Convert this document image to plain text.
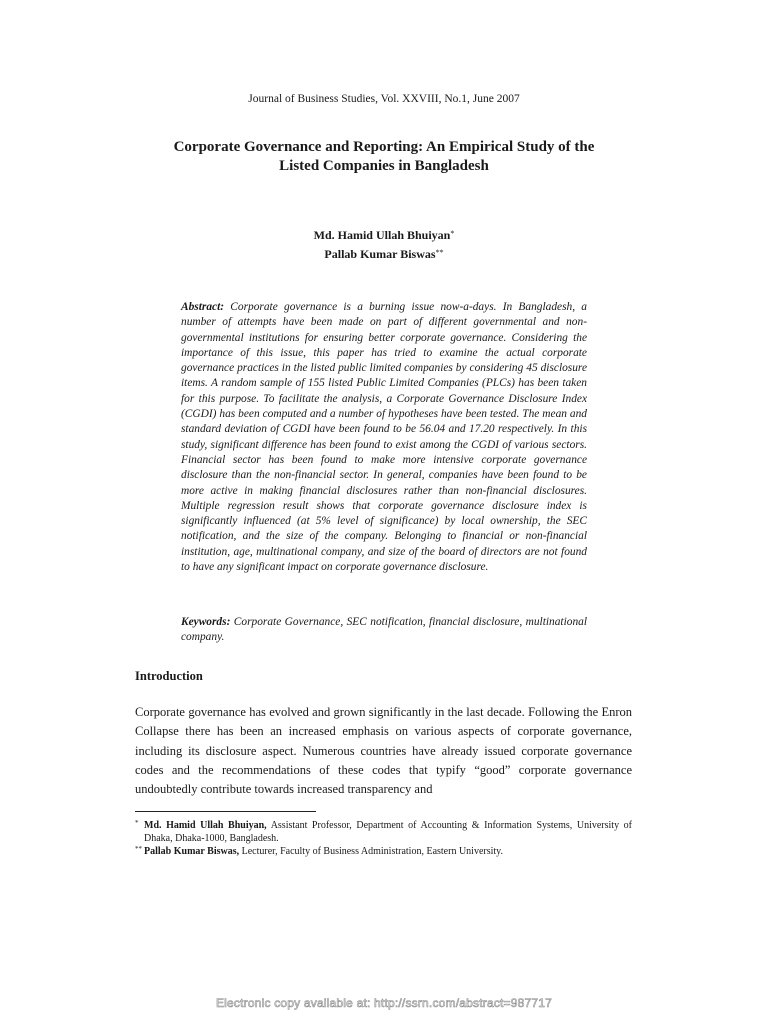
Journal of Business Studies, Vol. XXVIII, No.1, June 2007
Corporate Governance and Reporting: An Empirical Study of the
Listed Companies in Bangladesh
Md. Hamid Ullah Bhuiyan*
Pallab Kumar Biswas**

Abstract: Corporate governance is a burning issue now-a-days. In Bangladesh, a number of attempts have been made on part of different governmental and non-governmental institutions for ensuring better corporate governance. Considering the importance of this issue, this paper has tried to examine the actual corporate governance practices in the listed public limited companies by considering 45 disclosure items. A random sample of 155 listed Public Limited Companies (PLCs) has been taken for this purpose. To facilitate the analysis, a Corporate Governance Disclosure Index (CGDI) has been computed and a number of hypotheses have been tested. The mean and standard deviation of CGDI have been found to be 56.04 and 17.20 respectively. In this study, significant difference has been found to exist among the CGDI of various sectors. Financial sector has been found to make more intensive corporate governance disclosure than the non-financial sector. In general, companies have been found to be more active in making financial disclosures rather than non-financial disclosures. Multiple regression result shows that corporate governance disclosure index is significantly influenced (at 5% level of significance) by local ownership, the SEC notification, and the size of the company. Belonging to financial or non-financial institution, age, multinational company, and size of the board of directors are not found to have any significant impact on corporate governance disclosure.

Keywords: Corporate Governance, SEC notification, financial disclosure, multinational company.

Introduction

Corporate governance has evolved and grown significantly in the last decade. Following the Enron Collapse there has been an increased emphasis on various aspects of corporate governance, including its disclosure aspect. Numerous countries have already issued corporate governance codes and the recommendations of these codes that typify “good” corporate governance undoubtedly contribute towards increased transparency and

* Md. Hamid Ullah Bhuiyan, Assistant Professor, Department of Accounting & Information Systems, University of Dhaka, Dhaka-1000, Bangladesh.
** Pallab Kumar Biswas, Lecturer, Faculty of Business Administration, Eastern University.
Electronic copy available at: http://ssrn.com/abstract=987717
